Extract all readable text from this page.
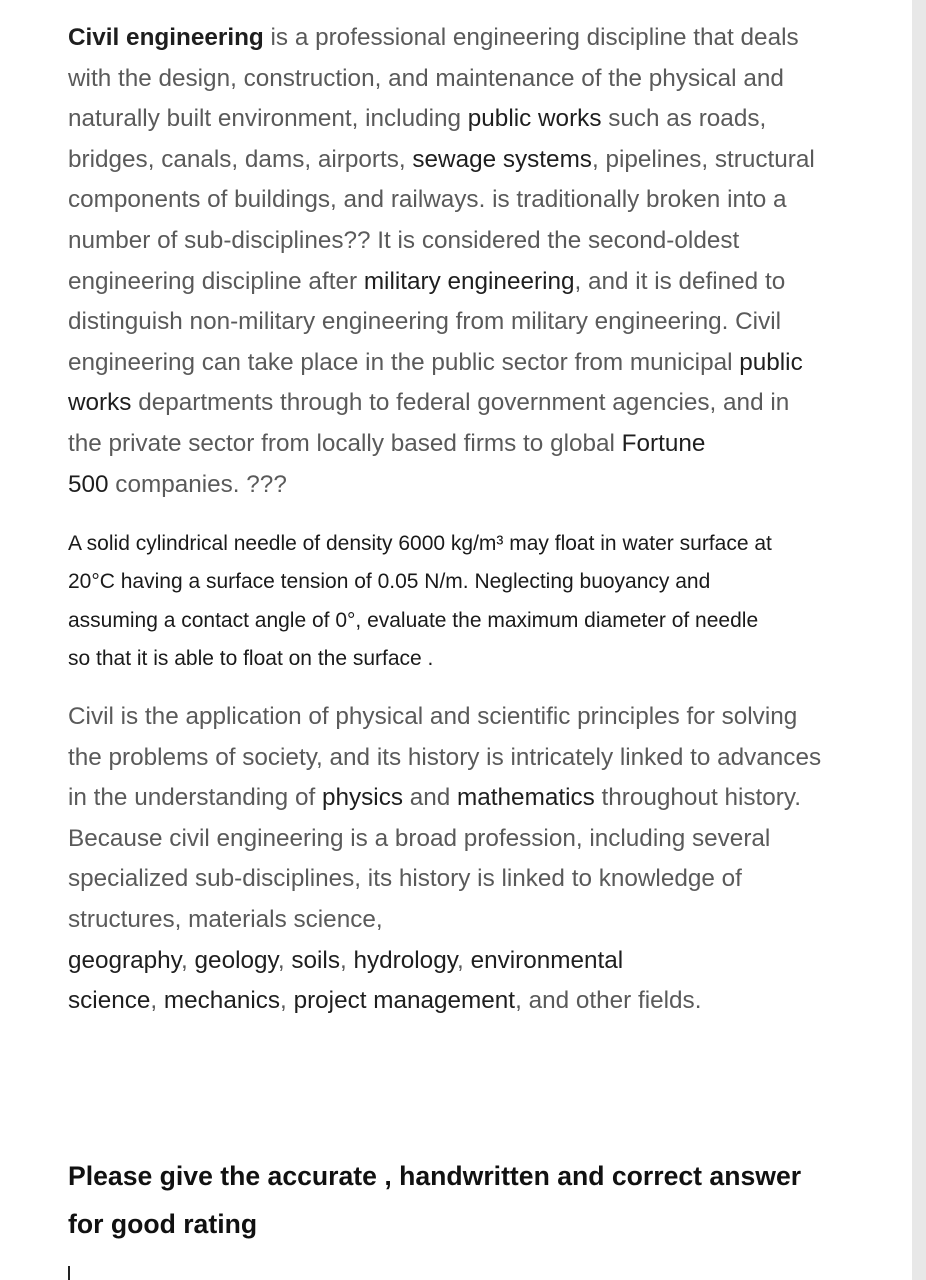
Civil engineering is a professional engineering discipline that deals
with the design, construction, and maintenance of the physical and
naturally built environment, including public works such as roads,
bridges, canals, dams, airports, sewage systems, pipelines, structural
components of buildings, and railways. is traditionally broken into a
number of sub-disciplines?? It is considered the second-oldest
engineering discipline after military engineering, and it is defined to
distinguish non-military engineering from military engineering. Civil
engineering can take place in the public sector from municipal public
works departments through to federal government agencies, and in
the private sector from locally based firms to global Fortune
500 companies. ???

A solid cylindrical needle of density 6000 kg/m³ may float in water surface at
20°C having a surface tension of 0.05 N/m. Neglecting buoyancy and
assuming a contact angle of 0°, evaluate the maximum diameter of needle
so that it is able to float on the surface .

Civil is the application of physical and scientific principles for solving
the problems of society, and its history is intricately linked to advances
in the understanding of physics and mathematics throughout history.
Because civil engineering is a broad profession, including several
specialized sub-disciplines, its history is linked to knowledge of
structures, materials science,
geography, geology, soils, hydrology, environmental
science, mechanics, project management, and other fields.

Please give the accurate , handwritten and correct answer
for good rating
